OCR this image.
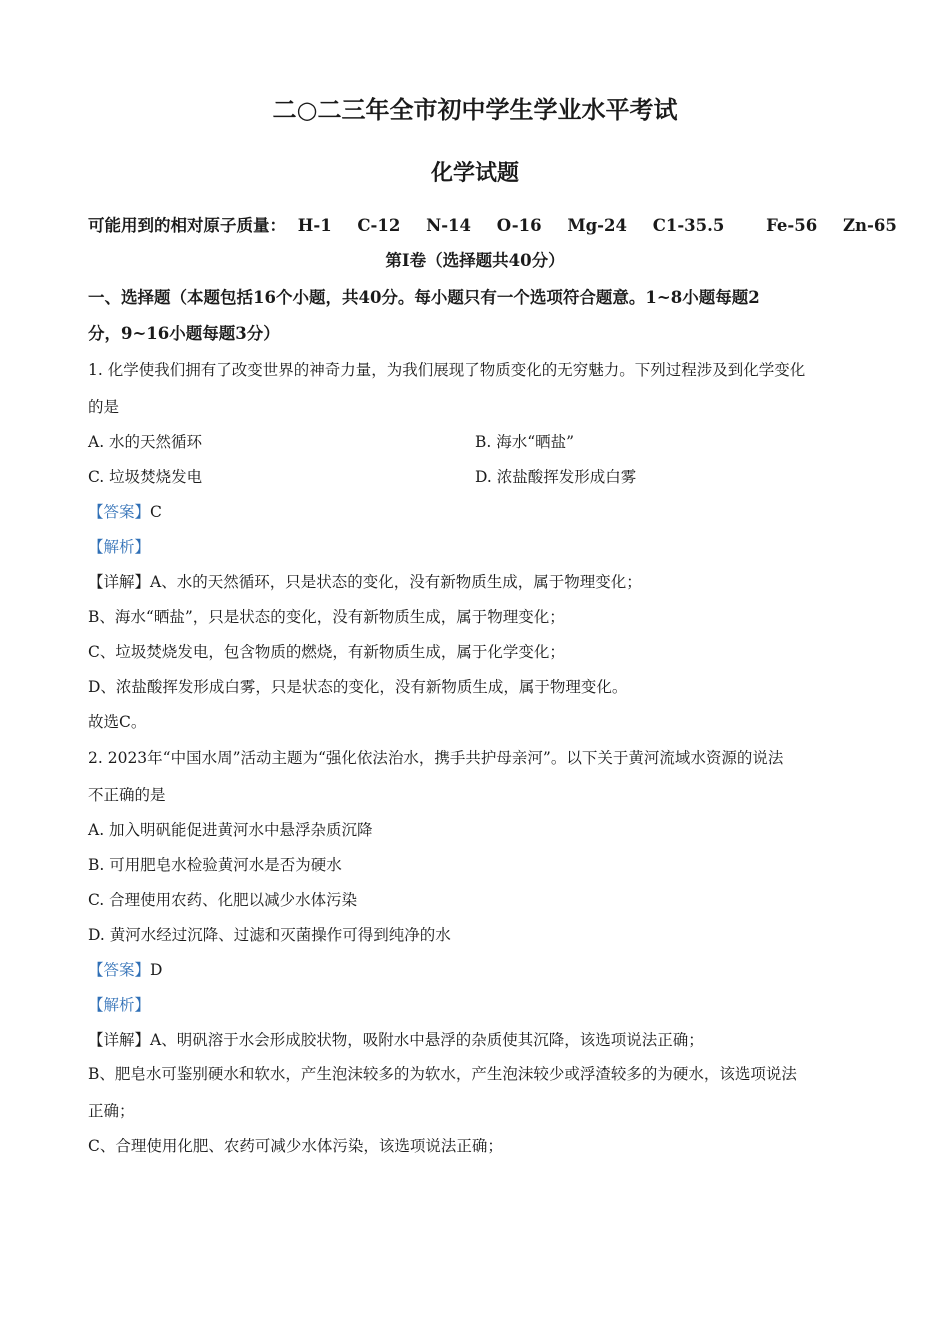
二○二三年全市初中学生学业水平考试
化学试题
可能用到的相对原子质量： H-1 C-12 N-14 O-16 Mg-24 C1-35.5	Fe-56 Zn-65
第I卷（选择题共40分）
一、选择题（本题包括16个小题，共40分。每小题只有一个选项符合题意。1~8小题每题2
分，9~16小题每题3分）
1. 化学使我们拥有了改变世界的神奇力量，为我们展现了物质变化的无穷魅力。下列过程涉及到化学变化
的是
A. 水的天然循环	B. 海水“晒盐”
C. 垃圾焚烧发电	D. 浓盐酸挥发形成白雾
【答案】C
【解析】
【详解】A、水的天然循环，只是状态的变化，没有新物质生成，属于物理变化；
B、海水“晒盐”，只是状态的变化，没有新物质生成，属于物理变化；
C、垃圾焚烧发电，包含物质的燃烧，有新物质生成，属于化学变化；
D、浓盐酸挥发形成白雾，只是状态的变化，没有新物质生成，属于物理变化。
故选C。
2. 2023年“中国水周”活动主题为“强化依法治水，携手共护母亲河”。以下关于黄河流域水资源的说法
不正确的是
A. 加入明矾能促进黄河水中悬浮杂质沉降
B. 可用肥皂水检验黄河水是否为硬水
C. 合理使用农药、化肥以减少水体污染
D. 黄河水经过沉降、过滤和灭菌操作可得到纯净的水
【答案】D
【解析】
【详解】A、明矾溶于水会形成胶状物，吸附水中悬浮的杂质使其沉降，该选项说法正确；
B、肥皂水可鉴别硬水和软水，产生泡沫较多的为软水，产生泡沫较少或浮渣较多的为硬水，该选项说法
正确；
C、合理使用化肥、农药可减少水体污染，该选项说法正确；
